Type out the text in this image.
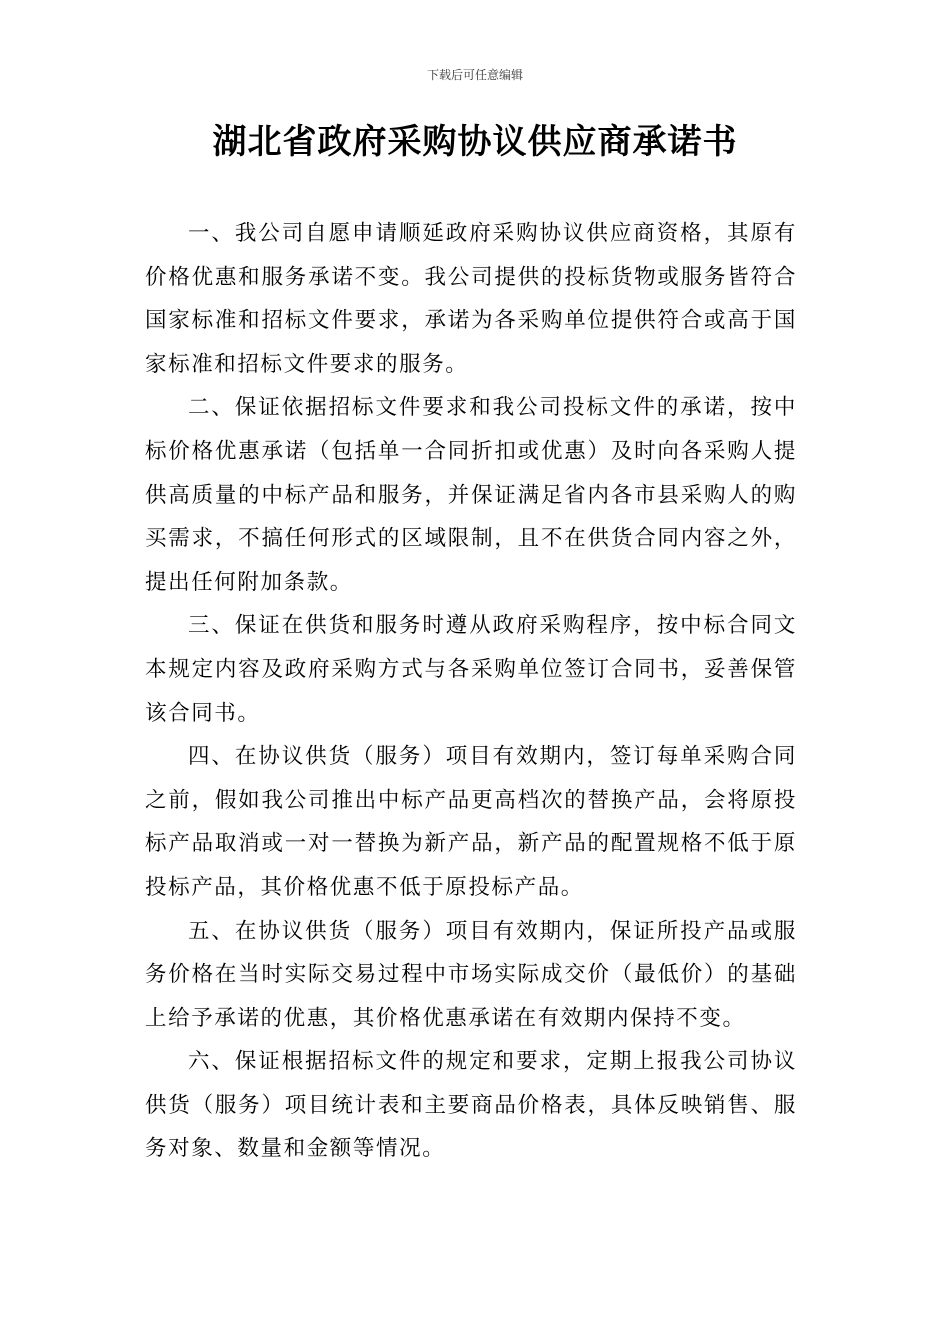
下载后可任意编辑
湖北省政府采购协议供应商承诺书

一、我公司自愿申请顺延政府采购协议供应商资格，其原有价格优惠和服务承诺不变。我公司提供的投标货物或服务皆符合国家标准和招标文件要求，承诺为各采购单位提供符合或高于国家标准和招标文件要求的服务。

二、保证依据招标文件要求和我公司投标文件的承诺，按中标价格优惠承诺（包括单一合同折扣或优惠）及时向各采购人提供高质量的中标产品和服务，并保证满足省内各市县采购人的购买需求，不搞任何形式的区域限制，且不在供货合同内容之外，提出任何附加条款。

三、保证在供货和服务时遵从政府采购程序，按中标合同文本规定内容及政府采购方式与各采购单位签订合同书，妥善保管该合同书。

四、在协议供货（服务）项目有效期内，签订每单采购合同之前，假如我公司推出中标产品更高档次的替换产品，会将原投标产品取消或一对一替换为新产品，新产品的配置规格不低于原投标产品，其价格优惠不低于原投标产品。

五、在协议供货（服务）项目有效期内，保证所投产品或服务价格在当时实际交易过程中市场实际成交价（最低价）的基础上给予承诺的优惠，其价格优惠承诺在有效期内保持不变。

六、保证根据招标文件的规定和要求，定期上报我公司协议供货（服务）项目统计表和主要商品价格表，具体反映销售、服务对象、数量和金额等情况。
